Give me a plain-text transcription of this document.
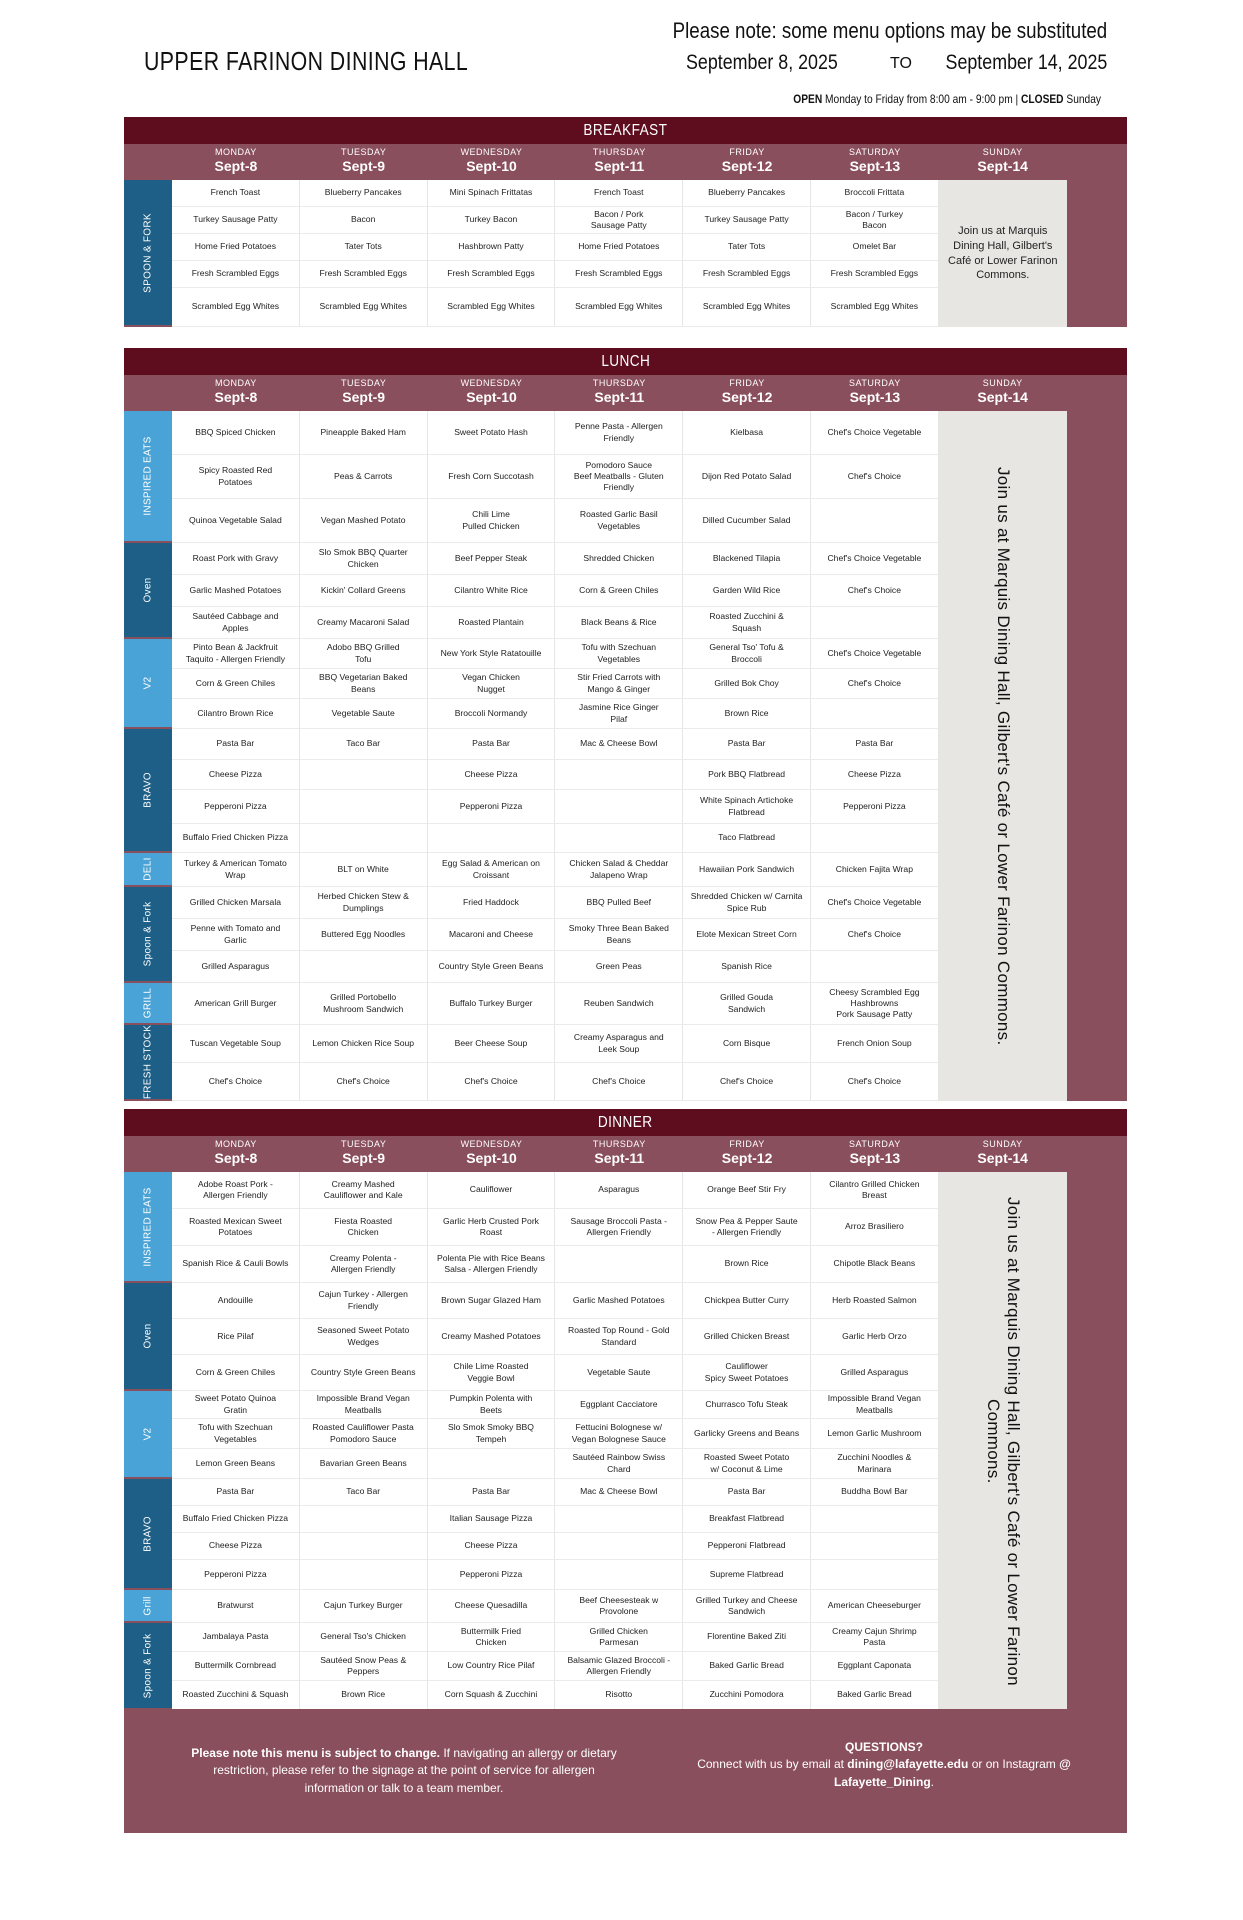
UPPER FARINON DINING HALL
Please note: some menu options may be substituted
September 8, 2025	TO September 14, 2025
OPEN Monday to Friday from 8:00 am - 9:00 pm | CLOSED Sunday
BREAKFAST
MONDAY
Sept-8
TUESDAY
Sept-9
WEDNESDAY
Sept-10
THURSDAY
Sept-11
FRIDAY
Sept-12
SATURDAY
Sept-13
SUNDAY
Sept-14
SPOON & FORK
French Toast
Turkey Sausage Patty
Home Fried Potatoes
Fresh Scrambled Eggs
Scrambled Egg Whites
Blueberry Pancakes
Bacon
Tater Tots
Fresh Scrambled Eggs
Scrambled Egg Whites
Mini Spinach Frittatas
Turkey Bacon
Hashbrown Patty
Fresh Scrambled Eggs
Scrambled Egg Whites
French Toast
Bacon / Pork
Sausage Patty
Home Fried Potatoes
Fresh Scrambled Eggs
Scrambled Egg Whites
Blueberry Pancakes
Turkey Sausage Patty
Tater Tots
Fresh Scrambled Eggs
Scrambled Egg Whites
Broccoli Frittata
Bacon / Turkey
Bacon
Omelet Bar
Fresh Scrambled Eggs
Scrambled Egg Whites
Join us at Marquis Dining Hall, Gilbert's Café or Lower Farinon Commons.
LUNCH
MONDAY
Sept-8
TUESDAY
Sept-9
WEDNESDAY
Sept-10
THURSDAY
Sept-11
FRIDAY
Sept-12
SATURDAY
Sept-13
SUNDAY
Sept-14
INSPIRED EATS
Oven
V2
BRAVO
DELI
Spoon & Fork
GRILL
FRESH STOCK
BBQ Spiced Chicken
Spicy Roasted Red
Potatoes
Quinoa Vegetable Salad
Roast Pork with Gravy
Garlic Mashed Potatoes
Sautéed Cabbage and
Apples
Pinto Bean & Jackfruit
Taquito - Allergen Friendly
Corn & Green Chiles
Cilantro Brown Rice
Pasta Bar
Cheese Pizza
Pepperoni Pizza
Buffalo Fried Chicken Pizza
Turkey & American Tomato
Wrap
Grilled Chicken Marsala
Penne with Tomato and
Garlic
Grilled Asparagus
American Grill Burger
Tuscan Vegetable Soup
Chef's Choice
Pineapple Baked Ham
Peas & Carrots
Vegan Mashed Potato
Slo Smok BBQ Quarter
Chicken
Kickin' Collard Greens
Creamy Macaroni Salad
Adobo BBQ Grilled
Tofu
BBQ Vegetarian Baked
Beans
Vegetable Saute
Taco Bar
BLT on White
Herbed Chicken Stew &
Dumplings
Buttered Egg Noodles
Grilled Portobello
Mushroom Sandwich
Lemon Chicken Rice Soup
Chef's Choice
Sweet Potato Hash
Fresh Corn Succotash
Chili Lime
Pulled Chicken
Beef Pepper Steak
Cilantro White Rice
Roasted Plantain
New York Style Ratatouille
Vegan Chicken
Nugget
Broccoli Normandy
Pasta Bar
Cheese Pizza
Pepperoni Pizza
Egg Salad & American on
Croissant
Fried Haddock
Macaroni and Cheese
Country Style Green Beans
Buffalo Turkey Burger
Beer Cheese Soup
Chef's Choice
Penne Pasta - Allergen
Friendly
Pomodoro Sauce
Beef Meatballs - Gluten
Friendly
Roasted Garlic Basil
Vegetables
Shredded Chicken
Corn & Green Chiles
Black Beans & Rice
Tofu with Szechuan
Vegetables
Stir Fried Carrots with
Mango & Ginger
Jasmine Rice Ginger
Pilaf
Mac & Cheese Bowl
Chicken Salad & Cheddar
Jalapeno Wrap
BBQ Pulled Beef
Smoky Three Bean Baked
Beans
Green Peas
Reuben Sandwich
Creamy Asparagus and
Leek Soup
Chef's Choice
Kielbasa
Dijon Red Potato Salad
Dilled Cucumber Salad
Blackened Tilapia
Garden Wild Rice
Roasted Zucchini &
Squash
General Tso' Tofu &
Broccoli
Grilled Bok Choy
Brown Rice
Pasta Bar
Pork BBQ Flatbread
White Spinach Artichoke
Flatbread
Taco Flatbread
Hawaiian Pork Sandwich
Shredded Chicken w/ Carnita
Spice Rub
Elote Mexican Street Corn
Spanish Rice
Grilled Gouda
Sandwich
Corn Bisque
Chef's Choice
Chef's Choice Vegetable
Chef's Choice
Chef's Choice Vegetable
Chef's Choice
Chef's Choice Vegetable
Chef's Choice
Pasta Bar
Cheese Pizza
Pepperoni Pizza
Chicken Fajita Wrap
Chef's Choice Vegetable
Chef's Choice
Cheesy Scrambled Egg
Hashbrowns
Pork Sausage Patty
French Onion Soup
Chef's Choice
Join us at Marquis Dining Hall, Gilbert's Café or Lower Farinon Commons.
DINNER
MONDAY
Sept-8
TUESDAY
Sept-9
WEDNESDAY
Sept-10
THURSDAY
Sept-11
FRIDAY
Sept-12
SATURDAY
Sept-13
SUNDAY
Sept-14
INSPIRED EATS
Oven
V2
BRAVO
Grill
Spoon & Fork
Adobe Roast Pork -
Allergen Friendly
Roasted Mexican Sweet
Potatoes
Spanish Rice & Cauli Bowls
Andouille
Rice Pilaf
Corn & Green Chiles
Sweet Potato Quinoa
Gratin
Tofu with Szechuan
Vegetables
Lemon Green Beans
Pasta Bar
Buffalo Fried Chicken Pizza
Cheese Pizza
Pepperoni Pizza
Bratwurst
Jambalaya Pasta
Buttermilk Cornbread
Roasted Zucchini & Squash
Creamy Mashed
Cauliflower and Kale
Fiesta Roasted
Chicken
Creamy Polenta -
Allergen Friendly
Cajun Turkey - Allergen
Friendly
Seasoned Sweet Potato
Wedges
Country Style Green Beans
Impossible Brand Vegan
Meatballs
Roasted Cauliflower Pasta
Pomodoro Sauce
Bavarian Green Beans
Taco Bar
Cajun Turkey Burger
General Tso's Chicken
Sautéed Snow Peas &
Peppers
Brown Rice
Cauliflower
Garlic Herb Crusted Pork
Roast
Polenta Pie with Rice Beans
Salsa - Allergen Friendly
Brown Sugar Glazed Ham
Creamy Mashed Potatoes
Chile Lime Roasted
Veggie Bowl
Pumpkin Polenta with
Beets
Slo Smok Smoky BBQ
Tempeh
Pasta Bar
Italian Sausage Pizza
Cheese Pizza
Pepperoni Pizza
Cheese Quesadilla
Buttermilk Fried
Chicken
Low Country Rice Pilaf
Corn Squash & Zucchini
Asparagus
Sausage Broccoli Pasta -
Allergen Friendly
Garlic Mashed Potatoes
Roasted Top Round - Gold
Standard
Vegetable Saute
Eggplant Cacciatore
Fettucini Bolognese w/
Vegan Bolognese Sauce
Sautéed Rainbow Swiss
Chard
Mac & Cheese Bowl
Beef Cheesesteak w
Provolone
Grilled Chicken
Parmesan
Balsamic Glazed Broccoli -
Allergen Friendly
Risotto
Orange Beef Stir Fry
Snow Pea & Pepper Saute
- Allergen Friendly
Brown Rice
Chickpea Butter Curry
Grilled Chicken Breast
Cauliflower
Spicy Sweet Potatoes
Churrasco Tofu Steak
Garlicky Greens and Beans
Roasted Sweet Potato
w/ Coconut & Lime
Pasta Bar
Breakfast Flatbread
Pepperoni Flatbread
Supreme Flatbread
Grilled Turkey and Cheese
Sandwich
Florentine Baked Ziti
Baked Garlic Bread
Zucchini Pomodora
Cilantro Grilled Chicken
Breast
Arroz Brasiliero
Chipotle Black Beans
Herb Roasted Salmon
Garlic Herb Orzo
Grilled Asparagus
Impossible Brand Vegan
Meatballs
Lemon Garlic Mushroom
Zucchini Noodles &
Marinara
Buddha Bowl Bar
American Cheeseburger
Creamy Cajun Shrimp
Pasta
Eggplant Caponata
Baked Garlic Bread
Join us at Marquis Dining Hall, Gilbert's Café or Lower Farinon Commons.
Please note this menu is subject to change. If navigating an allergy or dietary restriction, please refer to the signage at the point of service for allergen information or talk to a team member.
QUESTIONS?
Connect with us by email at dining@lafayette.edu or on Instagram @ Lafayette_Dining.
